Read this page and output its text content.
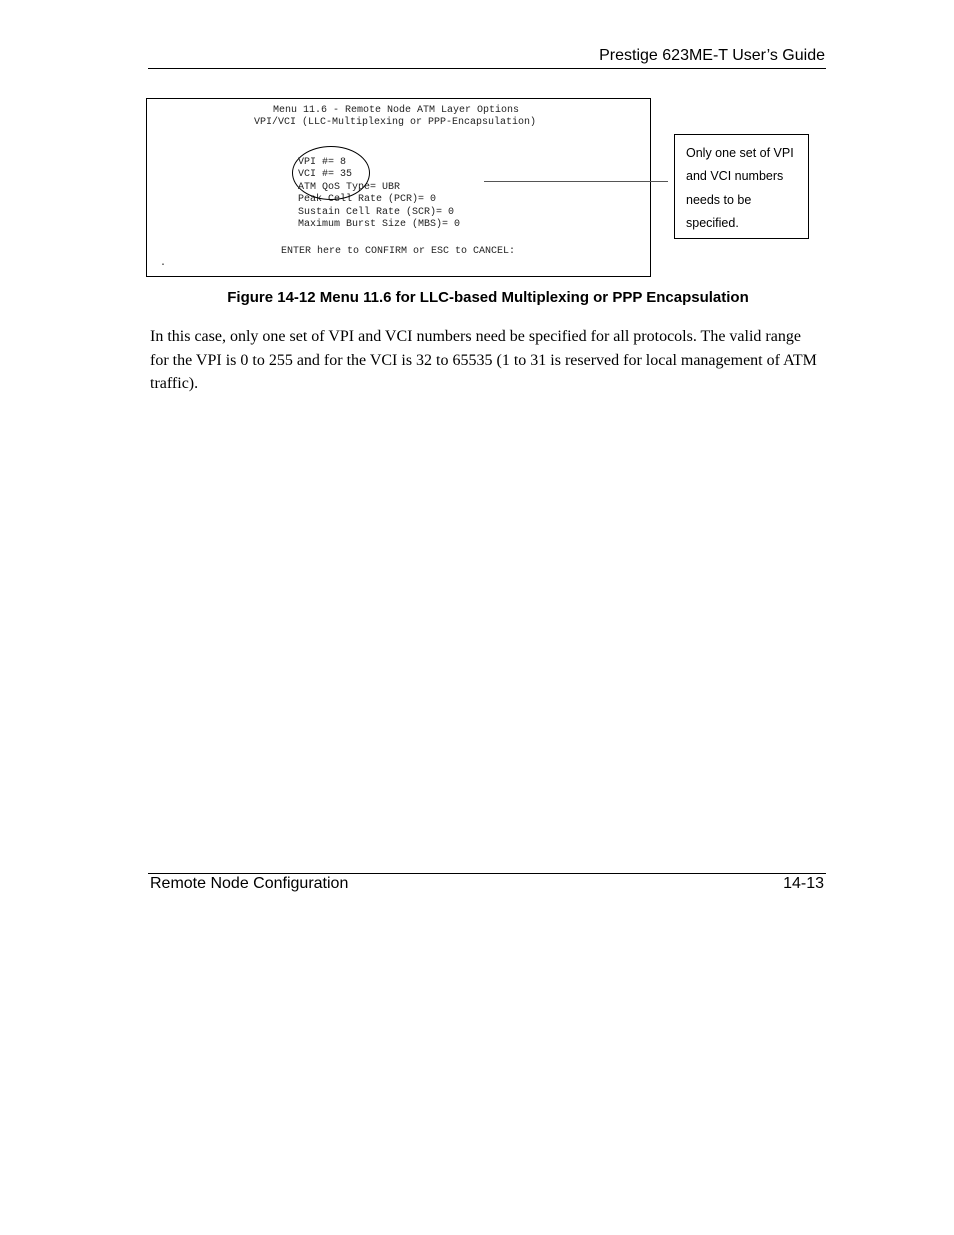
Prestige 623ME-T User’s Guide
Menu 11.6 - Remote Node ATM Layer Options
VPI/VCI (LLC-Multiplexing or PPP-Encapsulation)
VPI #= 8
VCI #= 35
ATM QoS Type= UBR
Peak Cell Rate (PCR)= 0
Sustain Cell Rate (SCR)= 0
Maximum Burst Size (MBS)= 0
ENTER here to CONFIRM or ESC to CANCEL:
.
Only one set of VPI
and VCI numbers
needs to be
specified.
Figure 14-12 Menu 11.6 for LLC-based Multiplexing or PPP Encapsulation
In this case, only one set of VPI and VCI numbers need be specified for all protocols. The valid range for the VPI is 0 to 255 and for the VCI is 32 to 65535 (1 to 31 is reserved for local management of ATM traffic).
Remote Node Configuration	14-13
